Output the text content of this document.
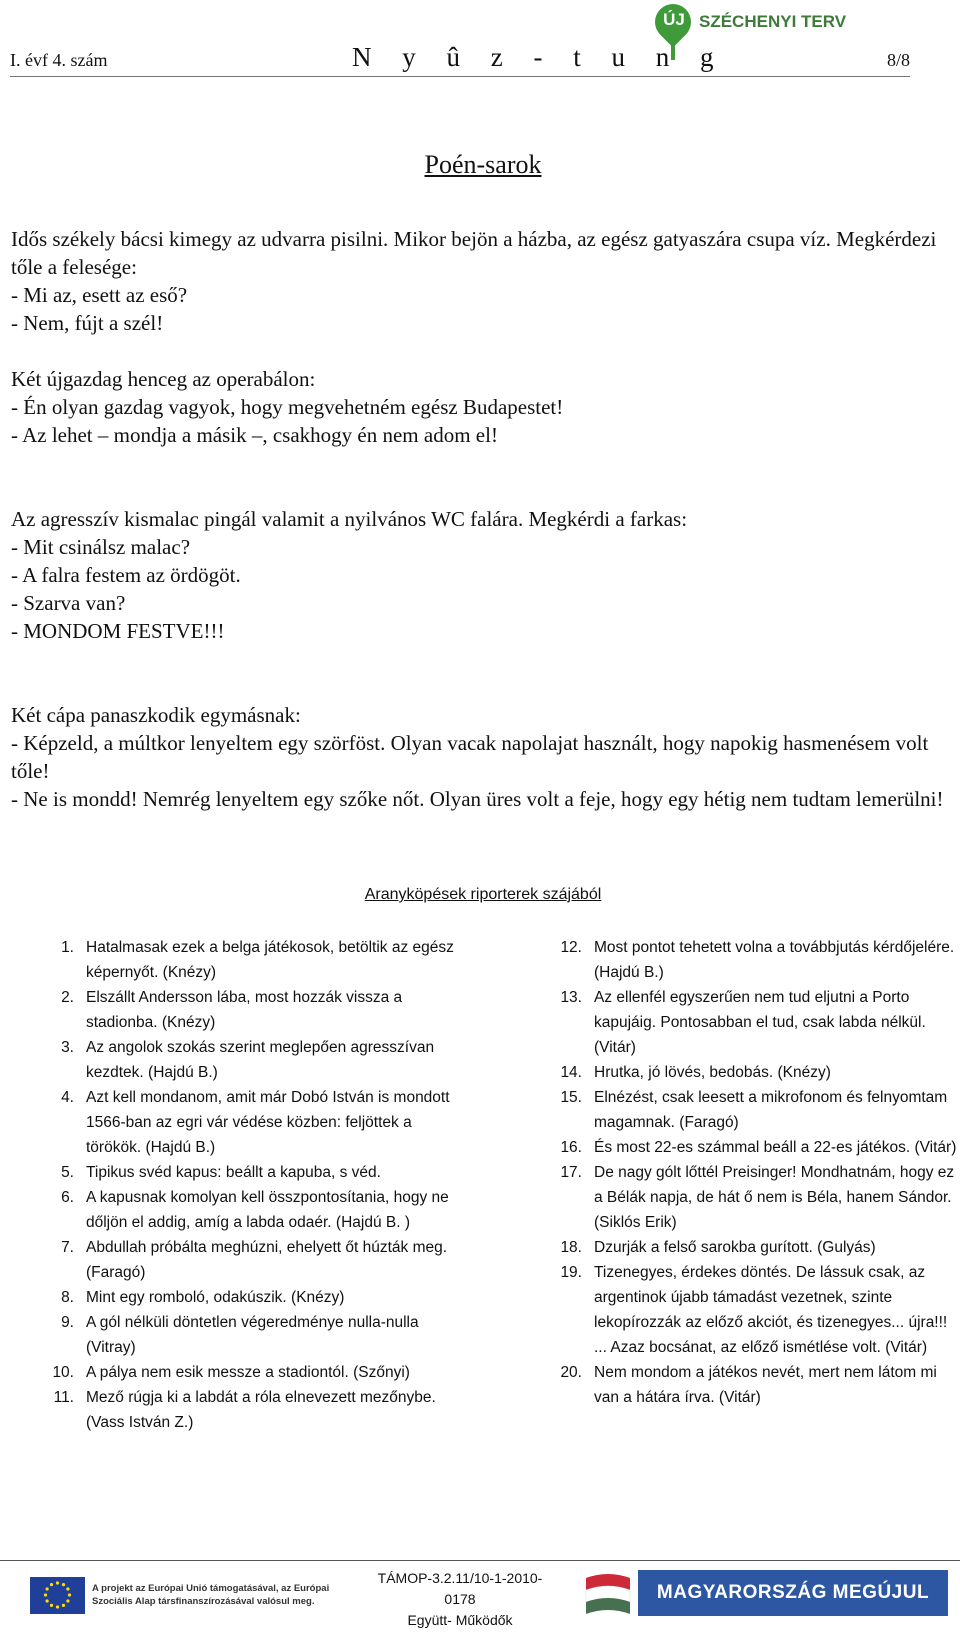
ÚJ SZÉCHENYI TERV
I. évf 4. szám	N y û z - t u n g	8/8
Poén-sarok

Idős székely bácsi kimegy az udvarra pisilni. Mikor bejön a házba, az egész gatyaszára csupa víz. Megkérdezi tőle a felesége:

- Mi az, esett az eső?

- Nem, fújt a szél!

Két újgazdag henceg az operabálon:

- Én olyan gazdag vagyok, hogy megvehetném egész Budapestet!

- Az lehet – mondja a másik –, csakhogy én nem adom el!

Az agresszív kismalac pingál valamit a nyilvános WC falára. Megkérdi a farkas:

- Mit csinálsz malac?

- A falra festem az ördögöt.

- Szarva van?

- MONDOM FESTVE!!!

Két cápa panaszkodik egymásnak:

- Képzeld, a múltkor lenyeltem egy szörföst. Olyan vacak napolajat használt, hogy napokig hasmenésem volt tőle!

- Ne is mondd! Nemrég lenyeltem egy szőke nőt. Olyan üres volt a feje, hogy egy hétig nem tudtam lemerülni!

Aranyköpések riporterek szájából
1. Hatalmasak ezek a belga játékosok, betöltik az egész képernyőt. (Knézy)
2. Elszállt Andersson lába, most hozzák vissza a stadionba. (Knézy)
3. Az angolok szokás szerint meglepően agresszívan kezdtek. (Hajdú B.)
4. Azt kell mondanom, amit már Dobó István is mondott 1566-ban az egri vár védése közben: feljöttek a törökök. (Hajdú B.)
5. Tipikus svéd kapus: beállt a kapuba, s véd.
6. A kapusnak komolyan kell összpontosítania, hogy ne dőljön el addig, amíg a labda odaér. (Hajdú B. )
7. Abdullah próbálta meghúzni, ehelyett őt húzták meg. (Faragó)
8. Mint egy romboló, odakúszik. (Knézy)
9. A gól nélküli döntetlen végeredménye nulla-nulla (Vitray)
10. A pálya nem esik messze a stadiontól. (Szőnyi)
11. Mező rúgja ki a labdát a róla elnevezett mezőnybe. (Vass István Z.)
12. Most pontot tehetett volna a továbbjutás kérdőjelére. (Hajdú B.)
13. Az ellenfél egyszerűen nem tud eljutni a Porto kapujáig. Pontosabban el tud, csak labda nélkül. (Vitár)
14. Hrutka, jó lövés, bedobás. (Knézy)
15. Elnézést, csak leesett a mikrofonom és felnyomtam magamnak. (Faragó)
16. És most 22-es számmal beáll a 22-es játékos. (Vitár)
17. De nagy gólt lőttél Preisinger! Mondhatnám, hogy ez a Bélák napja, de hát ő nem is Béla, hanem Sándor. (Siklós Erik)
18. Dzurják a felső sarokba gurított. (Gulyás)
19. Tizenegyes, érdekes döntés. De lássuk csak, az argentinok újabb támadást vezetnek, szinte lekopírozzák az előző akciót, és tizenegyes... újra!!! ... Azaz bocsánat, az előző ismétlése volt. (Vitár)
20. Nem mondom a játékos nevét, mert nem látom mi van a hátára írva. (Vitár)
A projekt az Európai Unió támogatásával, az Európai Szociális Alap társfinanszírozásával valósul meg.
TÁMOP-3.2.11/10-1-2010-
0178
Együtt- Működők
MAGYARORSZÁG MEGÚJUL
